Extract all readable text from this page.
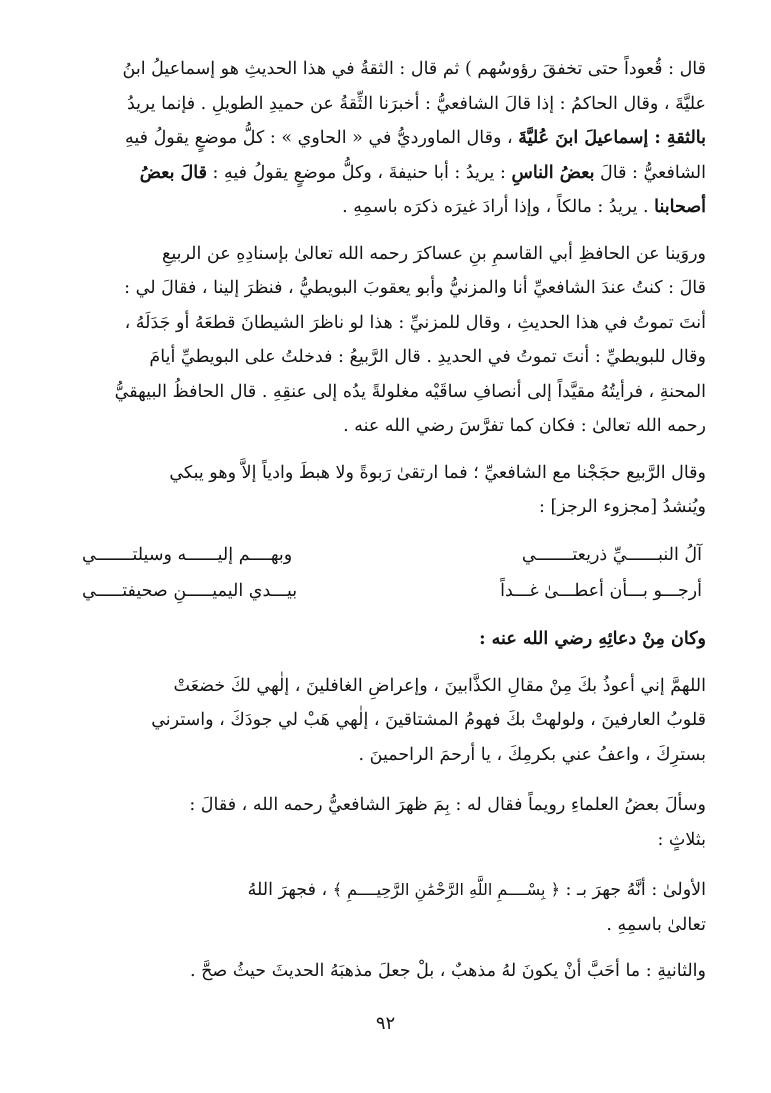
قال : قُعوداً حتى تخفقَ رؤوسُهم ) ثم قال : الثقةُ في هذا الحديثِ هو إسماعيلُ ابنُ

عليَّةَ ، وقال الحاكمُ : إذا قالَ الشافعيُّ : أخبرَنا الثِّقةُ عن حميدِ الطويلِ . فإنما يريدُ

بالثقةِ : إسماعيلَ ابنَ عُليَّةَ ، وقال الماورديُّ في « الحاوي » : كلُّ موضعٍ يقولُ فيهِ

الشافعيُّ : قالَ بعضُ الناسِ : يريدُ : أبا حنيفةَ ، وكلُّ موضعٍ يقولُ فيهِ : قالَ بعضُ

أصحابنا . يريدُ : مالكاً ، وإذا أرادَ غيرَه ذكرَه باسمِهِ .

وروَينا عن الحافظِ أبي القاسمِ بنِ عساكرَ رحمه الله تعالىٰ بإسنادِهِ عن الربيعِ

قالَ : كنتُ عندَ الشافعيِّ أنا والمزنيُّ وأبو يعقوبَ البويطيُّ ، فنظرَ إلينا ، فقالَ لي :

أنتَ تموتُ في هذا الحديثِ ، وقال للمزنيِّ : هذا لو ناظرَ الشيطانَ قطعَهُ أو جَدَلَهُ ،

وقال للبويطيِّ : أنتَ تموتُ في الحديدِ . قال الرَّبيعُ : فدخلتُ على البويطيِّ أيامَ

المحنةِ ، فرأيتُهُ مقيَّداً إلى أنصافِ ساقَيْه مغلولةً يدُه إلى عنقِهِ . قال الحافظُ البيهقيُّ

رحمه الله تعالىٰ : فكان كما تفرَّسَ رضي الله عنه .

وقال الرَّبيع حجَجْنا مع الشافعيِّ ؛ فما ارتقىٰ رَبوةً ولا هبطَ وادياً إلاَّ وهو يبكي

ويُنشدُ [مجزوء الرجز] :

آلُ النبــــــيِّ ذريعتـــــــي
وبهــــم إليــــــه وسيلتـــــــي
أرجـــو بـــأن أعطـــىٰ غـــداً
بيـــدي اليميـــــنِ صحيفتـــــي

وكان مِنْ دعائِهِ رضي الله عنه :

اللهمَّ إني أعوذُ بكَ مِنْ مقالِ الكذَّابينَ ، وإعراضِ الغافلينَ ، إلٰهي لكَ خضعَتْ

قلوبُ العارفينَ ، ولولهتْ بكَ فهومُ المشتاقينَ ، إلٰهي هَبْ لي جودَكَ ، واسترني

بسترِكَ ، واعفُ عني بكرمِكَ ، يا أرحمَ الراحمينَ .

وسألَ بعضُ العلماءِ رويماً فقال له : بِمَ ظهرَ الشافعيُّ رحمه الله ، فقالَ :

بثلاثٍ :

الأولىٰ : أنَّهُ جهرَ بـ : ﴿ بِسْــــمِ اللَّهِ الرَّحْمَٰنِ الرَّحِيــــمِ ﴾ ، فجهرَ اللهُ

تعالىٰ باسمِهِ .

والثانيةِ : ما أحَبَّ أنْ يكونَ لهُ مذهبٌ ، بلْ جعلَ مذهبَهُ الحديثَ حيثُ صحَّ .

٩٢
